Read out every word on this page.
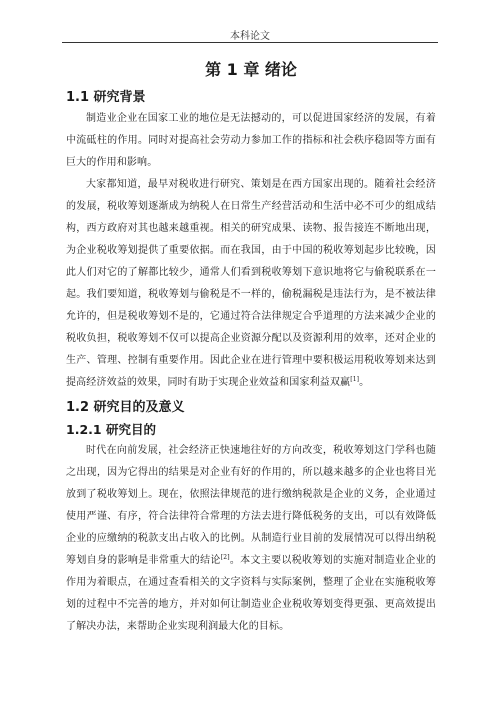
本科论文
第 1 章 绪论
1.1 研究背景

制造业企业在国家工业的地位是无法撼动的，可以促进国家经济的发展，有着中流砥柱的作用。同时对提高社会劳动力参加工作的指标和社会秩序稳固等方面有巨大的作用和影响。

大家都知道，最早对税收进行研究、策划是在西方国家出现的。随着社会经济的发展，税收筹划逐渐成为纳税人在日常生产经营活动和生活中必不可少的组成结构，西方政府对其也越来越重视。相关的研究成果、读物、报告接连不断地出现，为企业税收筹划提供了重要依据。而在我国，由于中国的税收筹划起步比较晚，因此人们对它的了解都比较少，通常人们看到税收筹划下意识地将它与偷税联系在一起。我们要知道，税收筹划与偷税是不一样的，偷税漏税是违法行为，是不被法律允许的，但是税收筹划不是的，它通过符合法律规定合乎道理的方法来减少企业的税收负担，税收筹划不仅可以提高企业资源分配以及资源利用的效率，还对企业的生产、管理、控制有重要作用。因此企业在进行管理中要积极运用税收筹划来达到提高经济效益的效果，同时有助于实现企业效益和国家利益双赢[1]。

1.2 研究目的及意义
1.2.1 研究目的

时代在向前发展，社会经济正快速地往好的方向改变，税收筹划这门学科也随之出现，因为它得出的结果是对企业有好的作用的，所以越来越多的企业也将目光放到了税收筹划上。现在，依照法律规范的进行缴纳税款是企业的义务，企业通过使用严谨、有序，符合法律符合常理的方法去进行降低税务的支出，可以有效降低企业的应缴纳的税款支出占收入的比例。从制造行业目前的发展情况可以得出纳税筹划自身的影响是非常重大的结论[2]。本文主要以税收筹划的实施对制造业企业的作用为着眼点，在通过查看相关的文字资料与实际案例，整理了企业在实施税收筹划的过程中不完善的地方，并对如何让制造业企业税收筹划变得更强、更高效提出了解决办法，来帮助企业实现利润最大化的目标。
